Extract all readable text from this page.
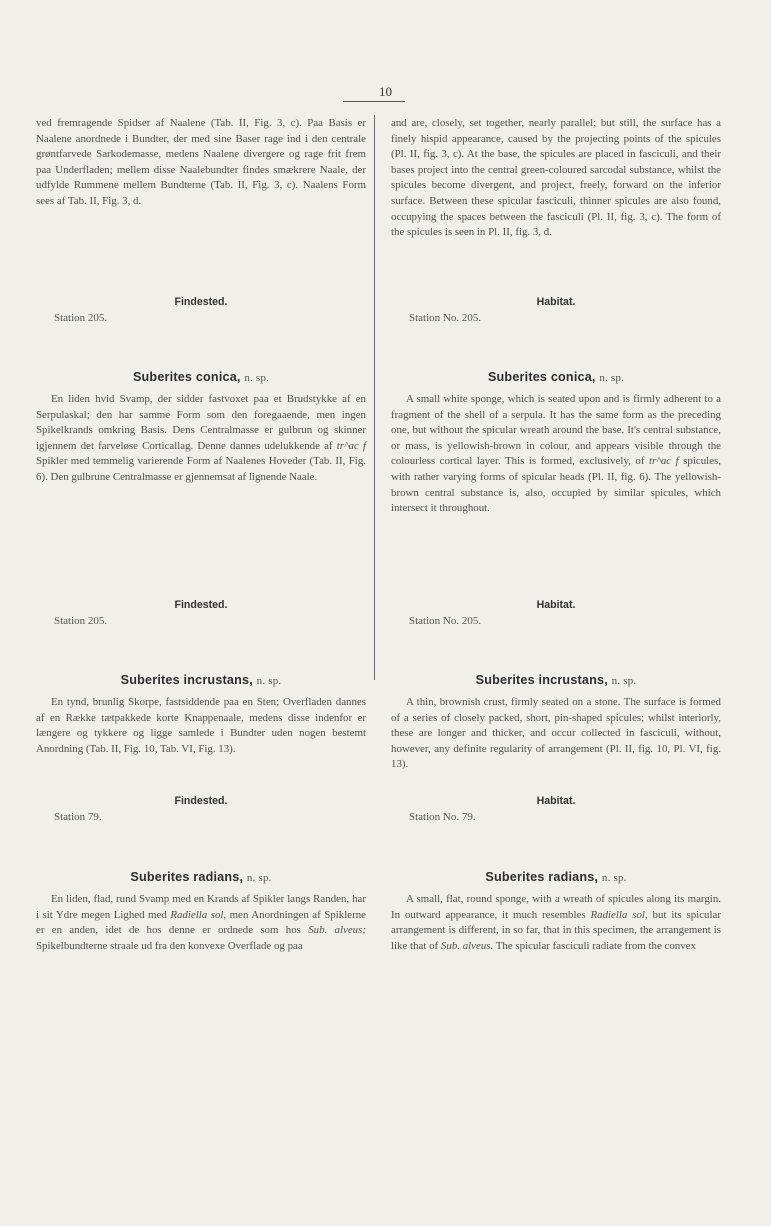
10

ved fremragende Spidser af Naalene (Tab. II, Fig. 3, c). Paa Basis er Naalene anordnede i Bundter, der med sine Baser rage ind i den centrale grøntfarvede Sarkodemasse, medens Naalene divergere og rage frit frem paa Underfladen; mellem disse Naalebundter findes smækrere Naale, der udfylde Rummene mellem Bundterne (Tab. II, Fig. 3, c). Naalens Form sees af Tab. II, Fig. 3, d.

Findested.
Station 205.
Suberites conica, n. sp.

En liden hvid Svamp, der sidder fastvoxet paa et Brudstykke af en Serpulaskal; den har samme Form som den foregaaende, men ingen Spikelkrands omkring Basis. Dens Centralmasse er gulbrun og skinner igjennem det farveløse Corticallag. Denne dannes udelukkende af tr^ac f Spikler med temmelig varierende Form af Naalenes Hoveder (Tab. II, Fig. 6). Den gulbrune Centralmasse er gjennemsat af lignende Naale.

Findested.
Station 205.
Suberites incrustans, n. sp.

En tynd, brunlig Skorpe, fastsiddende paa en Sten; Overfladen dannes af en Række tætpakkede korte Knappenaale, medens disse indenfor er længere og tykkere og ligge samlede i Bundter uden nogen bestemt Anordning (Tab. II, Fig. 10, Tab. VI, Fig. 13).

Findested.
Station 79.
Suberites radians, n. sp.

En liden, flad, rund Svamp med en Krands af Spikler langs Randen, har i sit Ydre megen Lighed med Radiella sol, men Anordningen af Spiklerne er en anden, idet de hos denne er ordnede som hos Sub. alveus; Spikelbundterne straale ud fra den konvexe Overflade og paa

and are, closely, set together, nearly parallel; but still, the surface has a finely hispid appearance, caused by the projecting points of the spicules (Pl. II, fig. 3, c). At the base, the spicules are placed in fasciculi, and their bases project into the central green-coloured sarcodal substance, whilst the spicules become divergent, and project, freely, forward on the inferior surface. Between these spicular fasciculi, thinner spicules are also found, occupying the spaces between the fasciculi (Pl. II, fig. 3, c). The form of the spicules is seen in Pl. II, fig. 3, d.

Habitat.
Station No. 205.
Suberites conica, n. sp.

A small white sponge, which is seated upon and is firmly adherent to a fragment of the shell of a serpula. It has the same form as the preceding one, but without the spicular wreath around the base. It's central substance, or mass, is yellowish-brown in colour, and appears visible through the colourless cortical layer. This is formed, exclusively, of tr^ac f spicules, with rather varying forms of spicular heads (Pl. II, fig. 6). The yellowish-brown central substance is, also, occupied by similar spicules, which intersect it throughout.

Habitat.
Station No. 205.
Suberites incrustans, n. sp.

A thin, brownish crust, firmly seated on a stone. The surface is formed of a series of closely packed, short, pin-shaped spicules; whilst interiorly, these are longer and thicker, and occur collected in fasciculi, without, however, any definite regularity of arrangement (Pl. II, fig. 10, Pl. VI, fig. 13).

Habitat.
Station No. 79.
Suberites radians, n. sp.

A small, flat, round sponge, with a wreath of spicules along its margin. In outward appearance, it much resembles Radiella sol, but its spicular arrangement is different, in so far, that in this specimen, the arrangement is like that of Sub. alveus. The spicular fasciculi radiate from the convex
